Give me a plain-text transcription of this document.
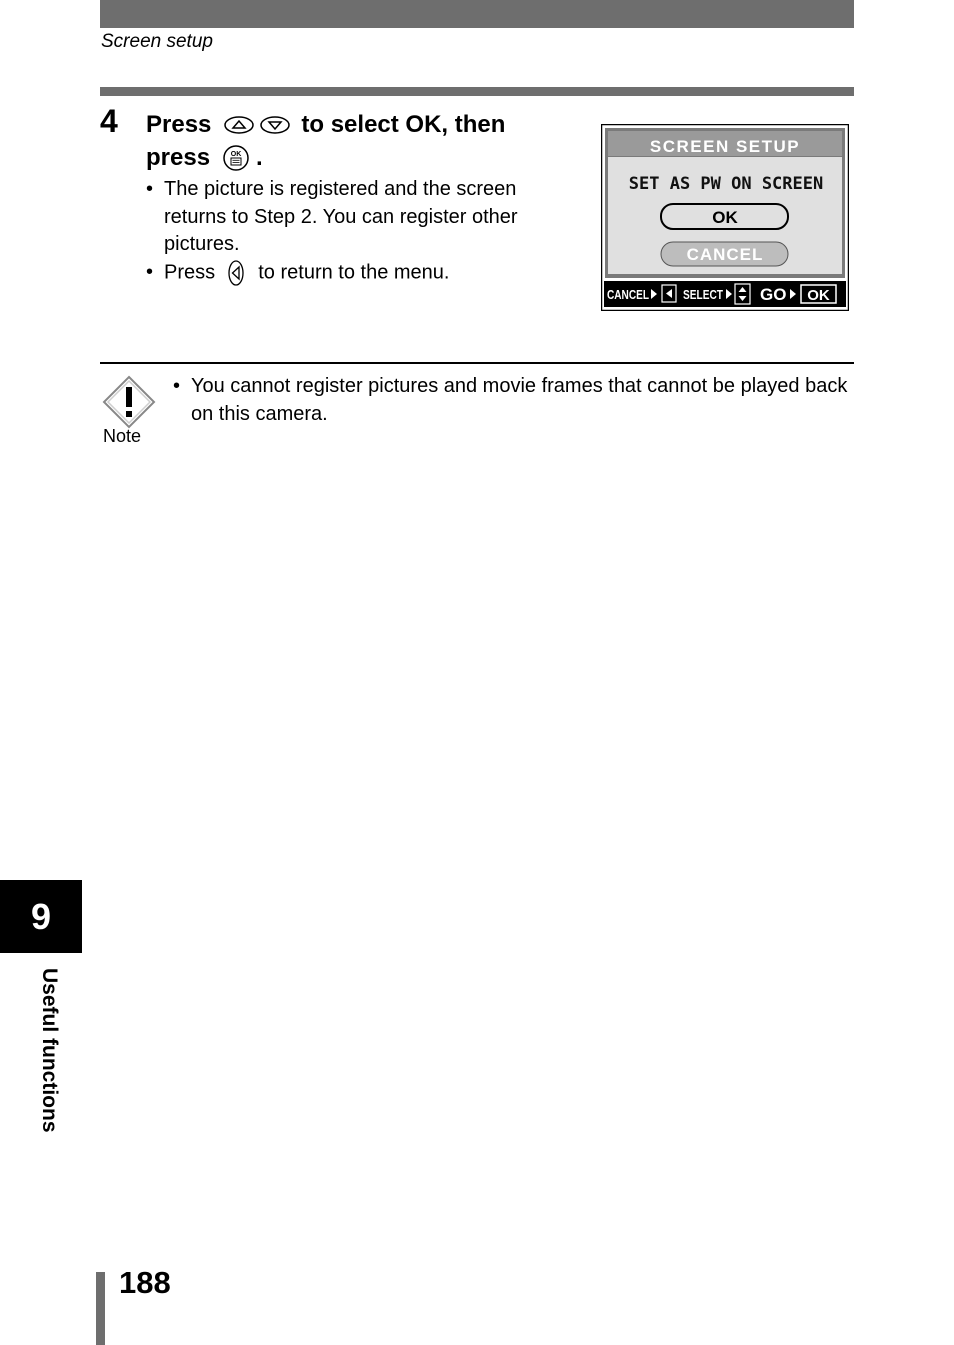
Screen setup
4 Press	to select OK, then
press	OK .
• The picture is registered and the screen returns to Step 2. You can register other pictures.
• Press to return to the menu.
SCREEN SETUP
SET AS PW ON SCREEN
OK
CANCEL
CANCEL	SELECT GO OK
Note
• You cannot register pictures and movie frames that cannot be played back on this camera.
9
Useful functions
188
